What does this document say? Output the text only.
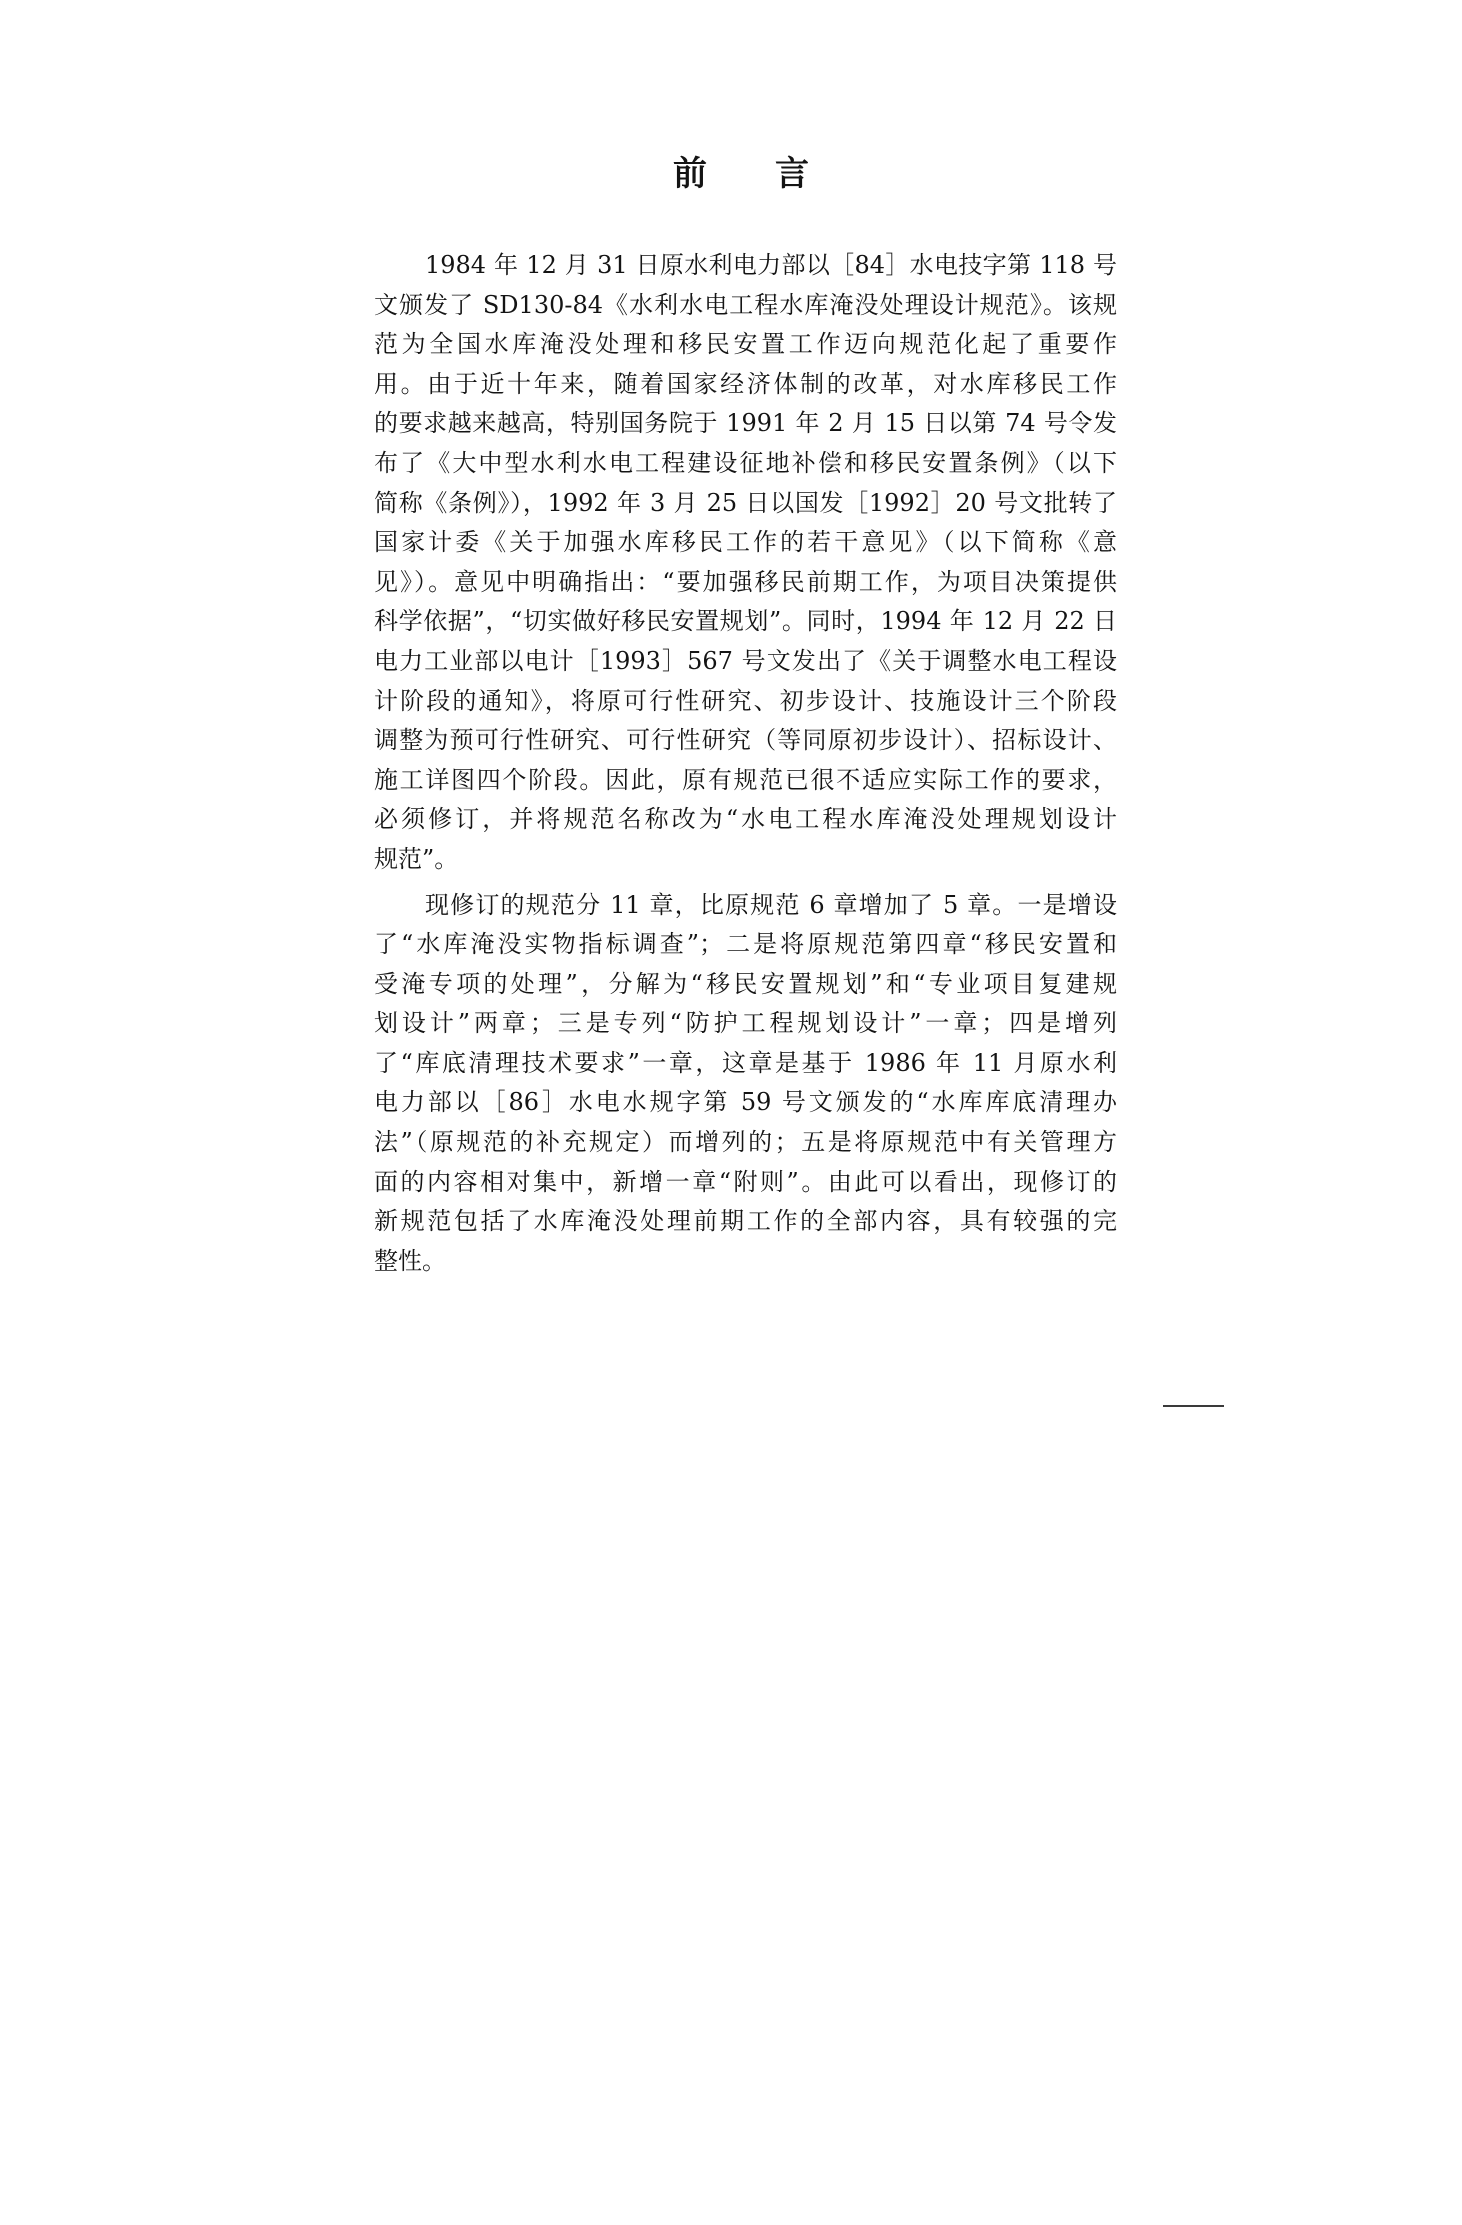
前言
1984 年 12 月 31 日原水利电力部以［84］水电技字第 118 号
文颁发了 SD130-84《水利水电工程水库淹没处理设计规范》。该规
范为全国水库淹没处理和移民安置工作迈向规范化起了重要作
用。由于近十年来，随着国家经济体制的改革，对水库移民工作
的要求越来越高，特别国务院于 1991 年 2 月 15 日以第 74 号令发
布了《大中型水利水电工程建设征地补偿和移民安置条例》（以下
简称《条例》），1992 年 3 月 25 日以国发［1992］20 号文批转了
国家计委《关于加强水库移民工作的若干意见》（以下简称《意
见》）。意见中明确指出：“要加强移民前期工作，为项目决策提供
科学依据”，“切实做好移民安置规划”。同时，1994 年 12 月 22 日
电力工业部以电计［1993］567 号文发出了《关于调整水电工程设
计阶段的通知》，将原可行性研究、初步设计、技施设计三个阶段
调整为预可行性研究、可行性研究（等同原初步设计）、招标设计、
施工详图四个阶段。因此，原有规范已很不适应实际工作的要求，
必须修订，并将规范名称改为“水电工程水库淹没处理规划设计
规范”。
现修订的规范分 11 章，比原规范 6 章增加了 5 章。一是增设
了“水库淹没实物指标调查”；二是将原规范第四章“移民安置和
受淹专项的处理”，分解为“移民安置规划”和“专业项目复建规
划设计”两章；三是专列“防护工程规划设计”一章；四是增列
了“库底清理技术要求”一章，这章是基于 1986 年 11 月原水利
电力部以［86］水电水规字第 59 号文颁发的“水库库底清理办
法”（原规范的补充规定）而增列的；五是将原规范中有关管理方
面的内容相对集中，新增一章“附则”。由此可以看出，现修订的
新规范包括了水库淹没处理前期工作的全部内容，具有较强的完
整性。
